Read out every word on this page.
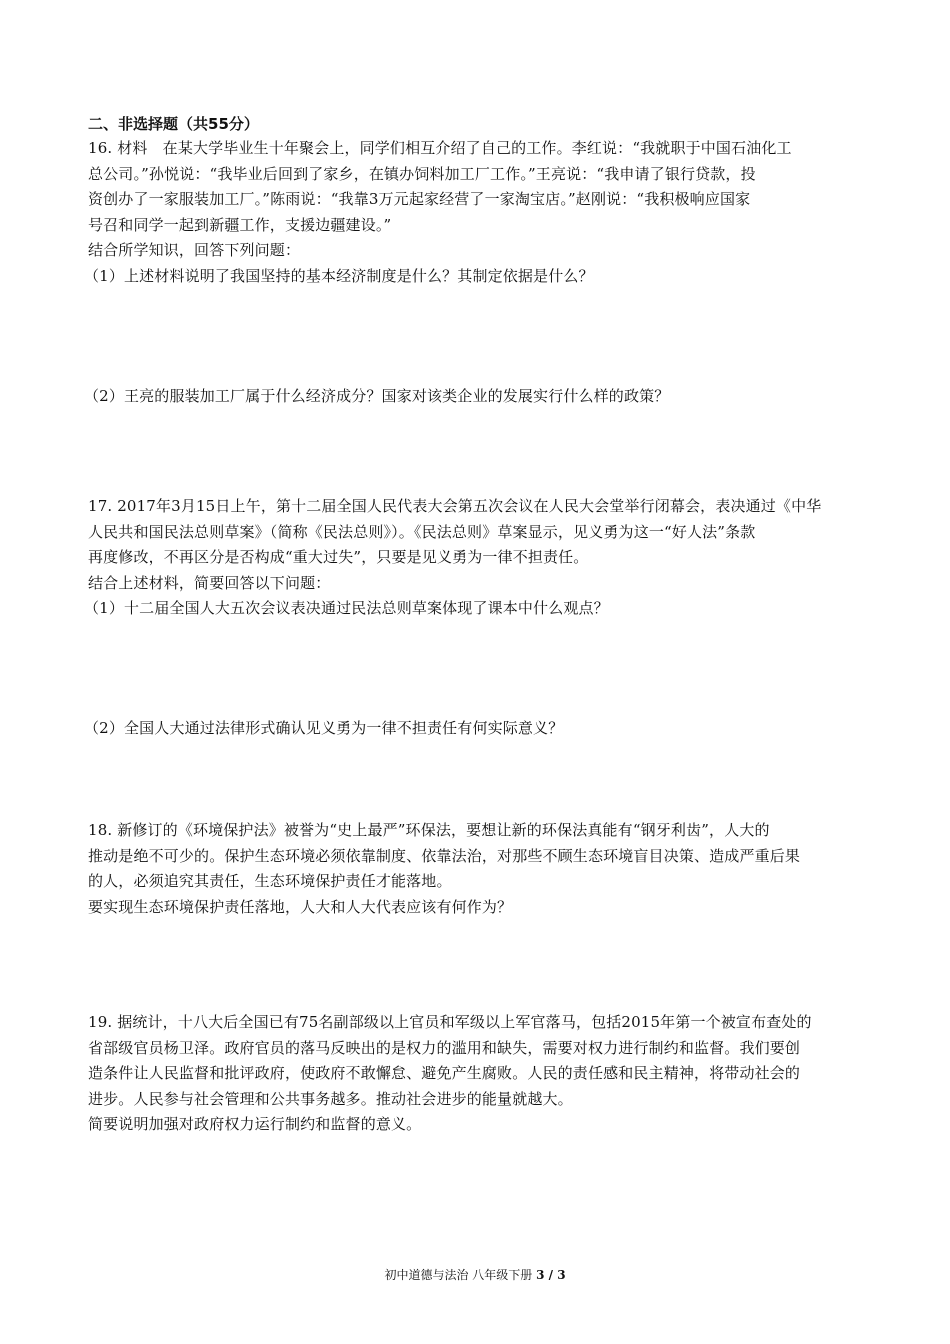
二、非选择题（共55分）
16. 材料　在某大学毕业生十年聚会上，同学们相互介绍了自己的工作。李红说：“我就职于中国石油化工
总公司。”孙悦说：“我毕业后回到了家乡，在镇办饲料加工厂工作。”王亮说：“我申请了银行贷款，投
资创办了一家服装加工厂。”陈雨说：“我靠3万元起家经营了一家淘宝店。”赵刚说：“我积极响应国家
号召和同学一起到新疆工作，支援边疆建设。”
结合所学知识，回答下列问题：
（1）上述材料说明了我国坚持的基本经济制度是什么？其制定依据是什么？
（2）王亮的服装加工厂属于什么经济成分？国家对该类企业的发展实行什么样的政策？
17. 2017年3月15日上午，第十二届全国人民代表大会第五次会议在人民大会堂举行闭幕会，表决通过《中华
人民共和国民法总则草案》（简称《民法总则》）。《民法总则》草案显示，见义勇为这一“好人法”条款
再度修改，不再区分是否构成“重大过失”，只要是见义勇为一律不担责任。
结合上述材料，简要回答以下问题：
（1）十二届全国人大五次会议表决通过民法总则草案体现了课本中什么观点？
（2）全国人大通过法律形式确认见义勇为一律不担责任有何实际意义？
18. 新修订的《环境保护法》被誉为“史上最严”环保法，要想让新的环保法真能有“钢牙利齿”，人大的
推动是绝不可少的。保护生态环境必须依靠制度、依靠法治，对那些不顾生态环境盲目决策、造成严重后果
的人，必须追究其责任，生态环境保护责任才能落地。
要实现生态环境保护责任落地，人大和人大代表应该有何作为？
19. 据统计，十八大后全国已有75名副部级以上官员和军级以上军官落马，包括2015年第一个被宣布查处的
省部级官员杨卫泽。政府官员的落马反映出的是权力的滥用和缺失，需要对权力进行制约和监督。我们要创
造条件让人民监督和批评政府，使政府不敢懈怠、避免产生腐败。人民的责任感和民主精神，将带动社会的
进步。人民参与社会管理和公共事务越多。推动社会进步的能量就越大。
简要说明加强对政府权力运行制约和监督的意义。
初中道德与法治 八年级下册 3 / 3
